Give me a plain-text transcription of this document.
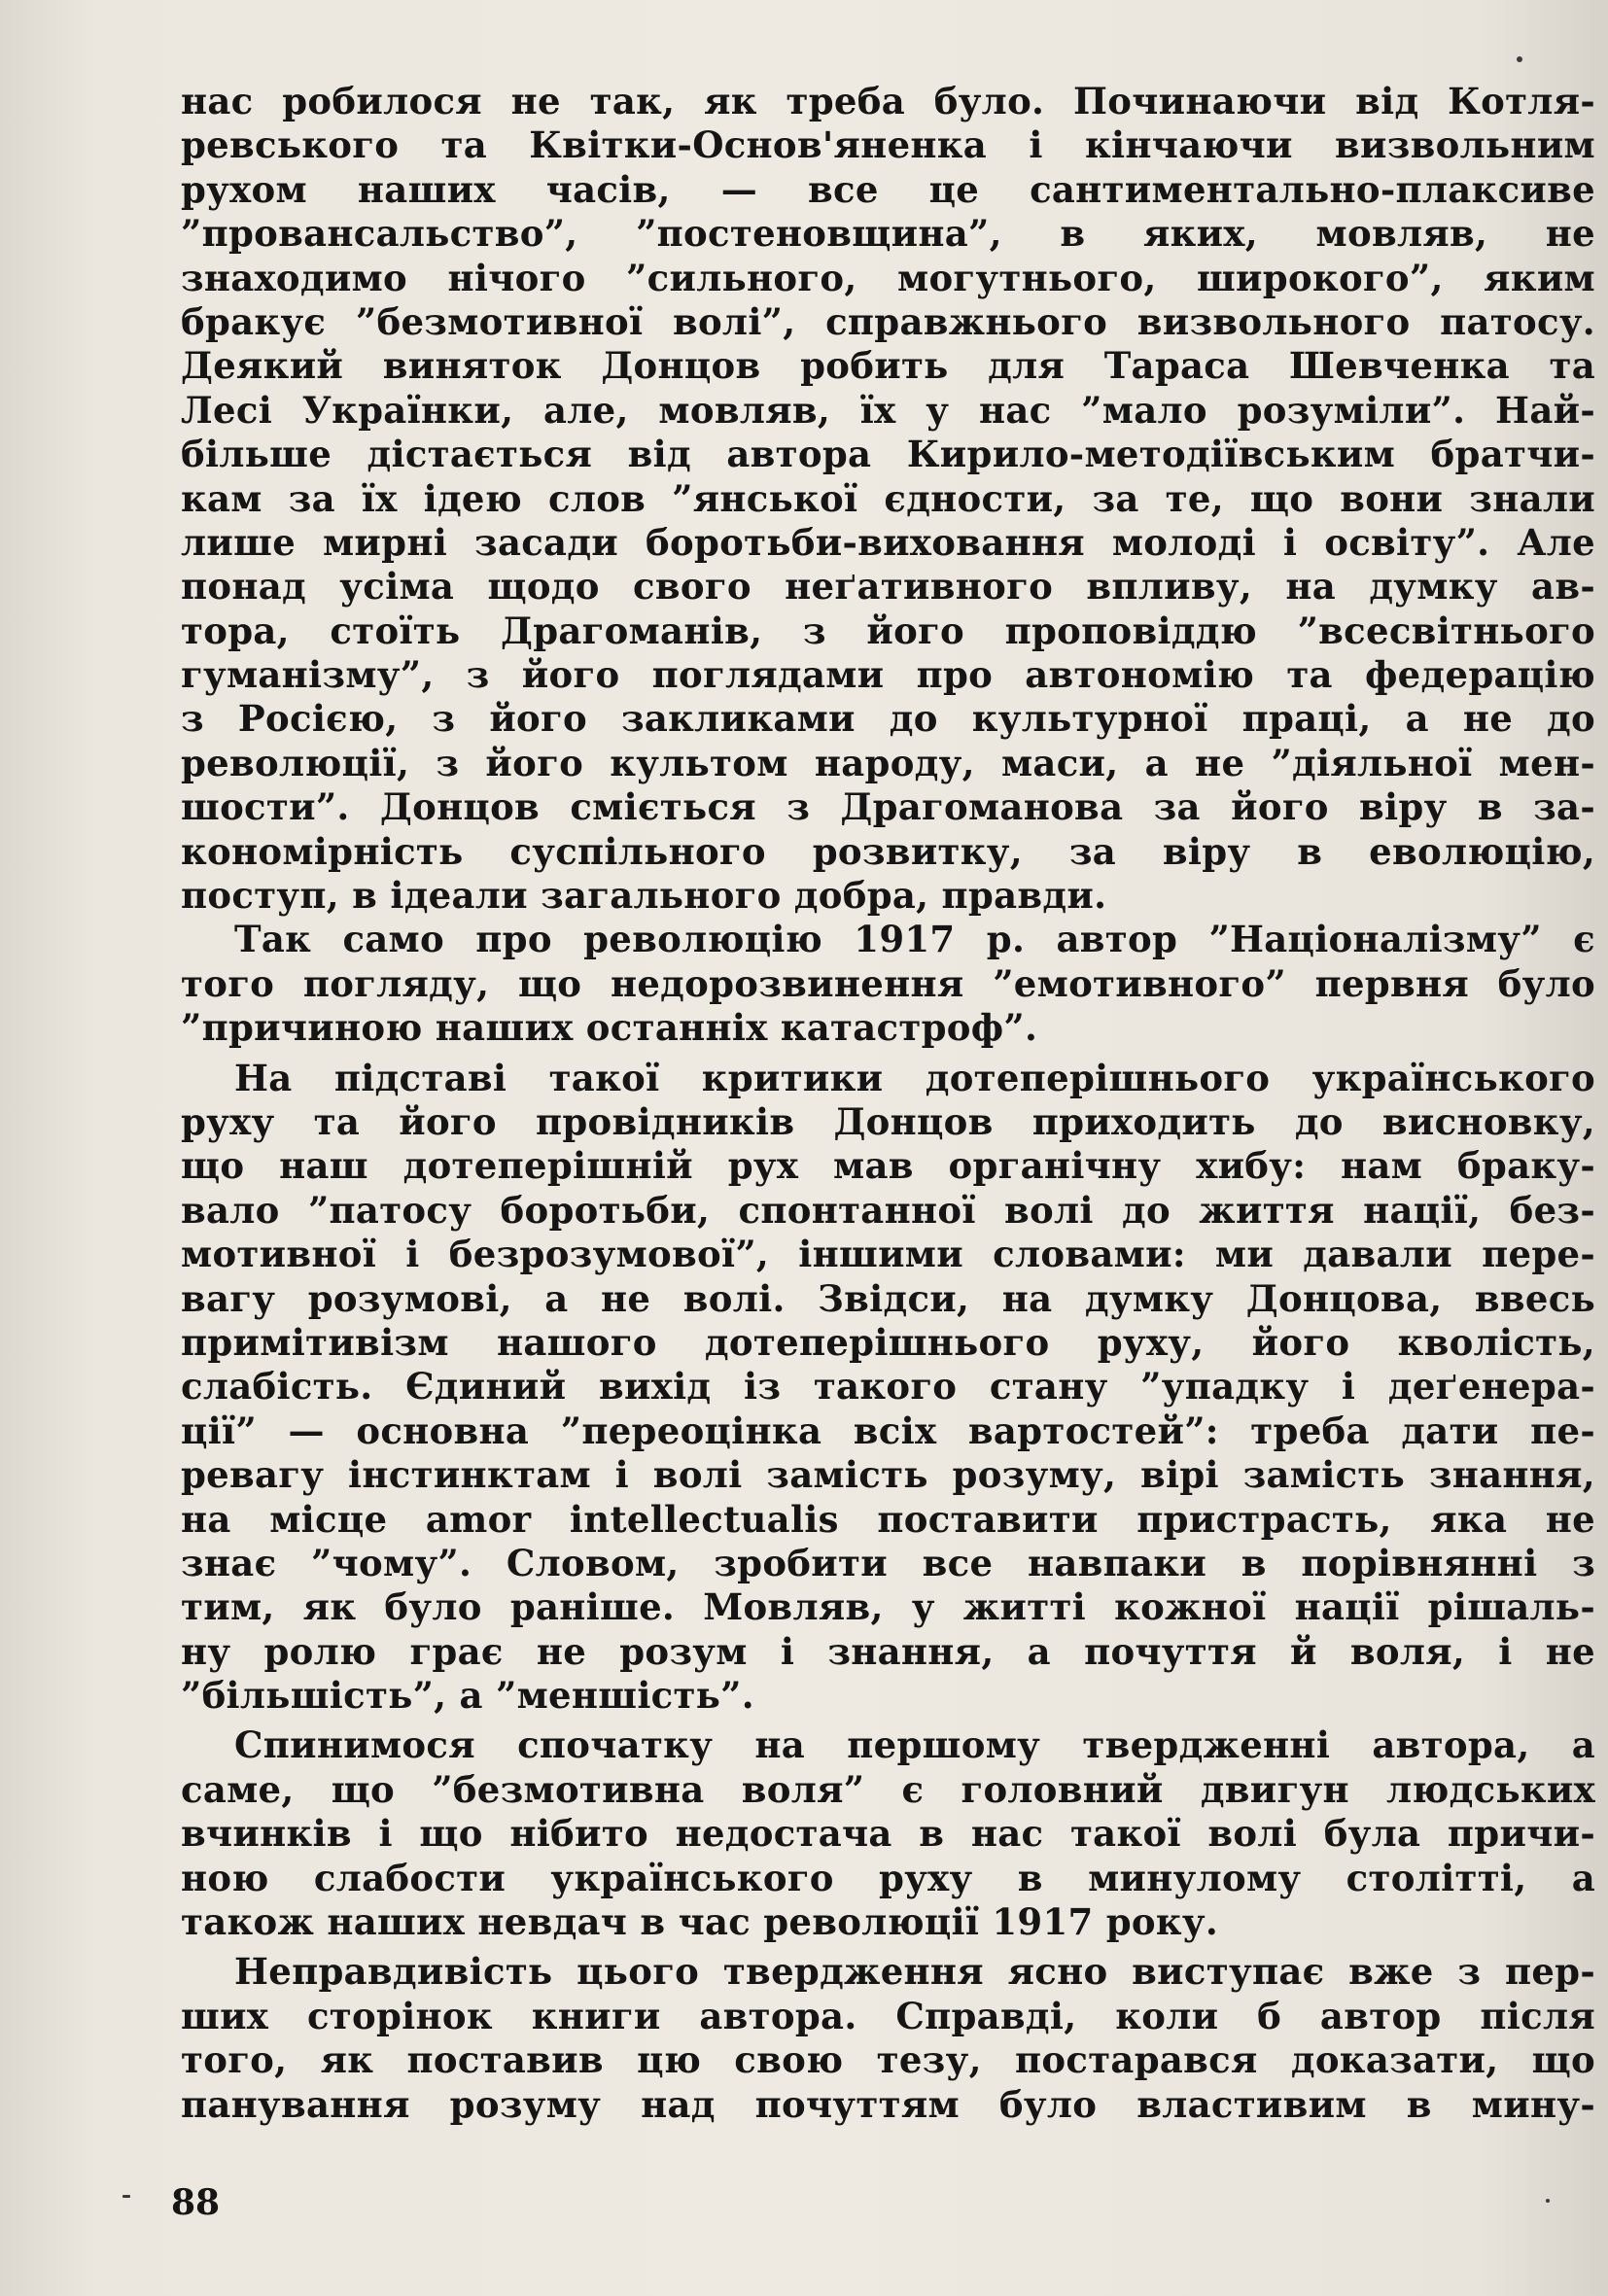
нас робилося не так, як треба було. Починаючи від Котля-
ревського та Квітки-Основ'яненка і кінчаючи визвольним
рухом наших часів, — все це сантиментально-плаксиве
”провансальство”, ”постеновщина”, в яких, мовляв, не
знаходимо нічого ”сильного, могутнього, широкого”, яким
бракує ”безмотивної волі”, справжнього визвольного патосу.
Деякий виняток Донцов робить для Тараса Шевченка та
Лесі Українки, але, мовляв, їх у нас ”мало розуміли”. Най-
більше дістається від автора Кирило-методіївським братчи-
кам за їх ідею слов ”янської єдности, за те, що вони знали
лише мирні засади боротьби-виховання молоді і освіту”. Але
понад усіма щодо свого неґативного впливу, на думку ав-
тора, стоїть Драгоманів, з його проповіддю ”всесвітнього
гуманізму”, з його поглядами про автономію та федерацію
з Росією, з його закликами до культурної праці, а не до
революції, з його культом народу, маси, а не ”діяльної мен-
шости”. Донцов сміється з Драгоманова за його віру в за-
кономірність суспільного розвитку, за віру в еволюцію,
поступ, в ідеали загального добра, правди.
Так само про революцію 1917 р. автор ”Націоналізму” є
того погляду, що недорозвинення ”емотивного” первня було
”причиною наших останніх катастроф”.
На підставі такої критики дотеперішнього українського
руху та його провідників Донцов приходить до висновку,
що наш дотеперішній рух мав органічну хибу: нам браку-
вало ”патосу боротьби, спонтанної волі до життя нації, без-
мотивної і безрозумової”, іншими словами: ми давали пере-
вагу розумові, а не волі. Звідси, на думку Донцова, ввесь
примітивізм нашого дотеперішнього руху, його кволість,
слабість. Єдиний вихід із такого стану ”упадку і деґенера-
ції” — основна ”переоцінка всіх вартостей”: треба дати пе-
ревагу інстинктам і волі замість розуму, вірі замість знання,
на місце amor intellectualis поставити пристрасть, яка не
знає ”чому”. Словом, зробити все навпаки в порівнянні з
тим, як було раніше. Мовляв, у житті кожної нації рішаль-
ну ролю грає не розум і знання, а почуття й воля, і не
”більшість”, а ”меншість”.
Спинимося спочатку на першому твердженні автора, а
саме, що ”безмотивна воля” є головний двигун людських
вчинків і що нібито недостача в нас такої волі була причи-
ною слабости українського руху в минулому столітті, а
також наших невдач в час революції 1917 року.
Неправдивість цього твердження ясно виступає вже з пер-
ших сторінок книги автора. Справді, коли б автор після
того, як поставив цю свою тезу, постарався доказати, що
панування розуму над почуттям було властивим в мину-
88
